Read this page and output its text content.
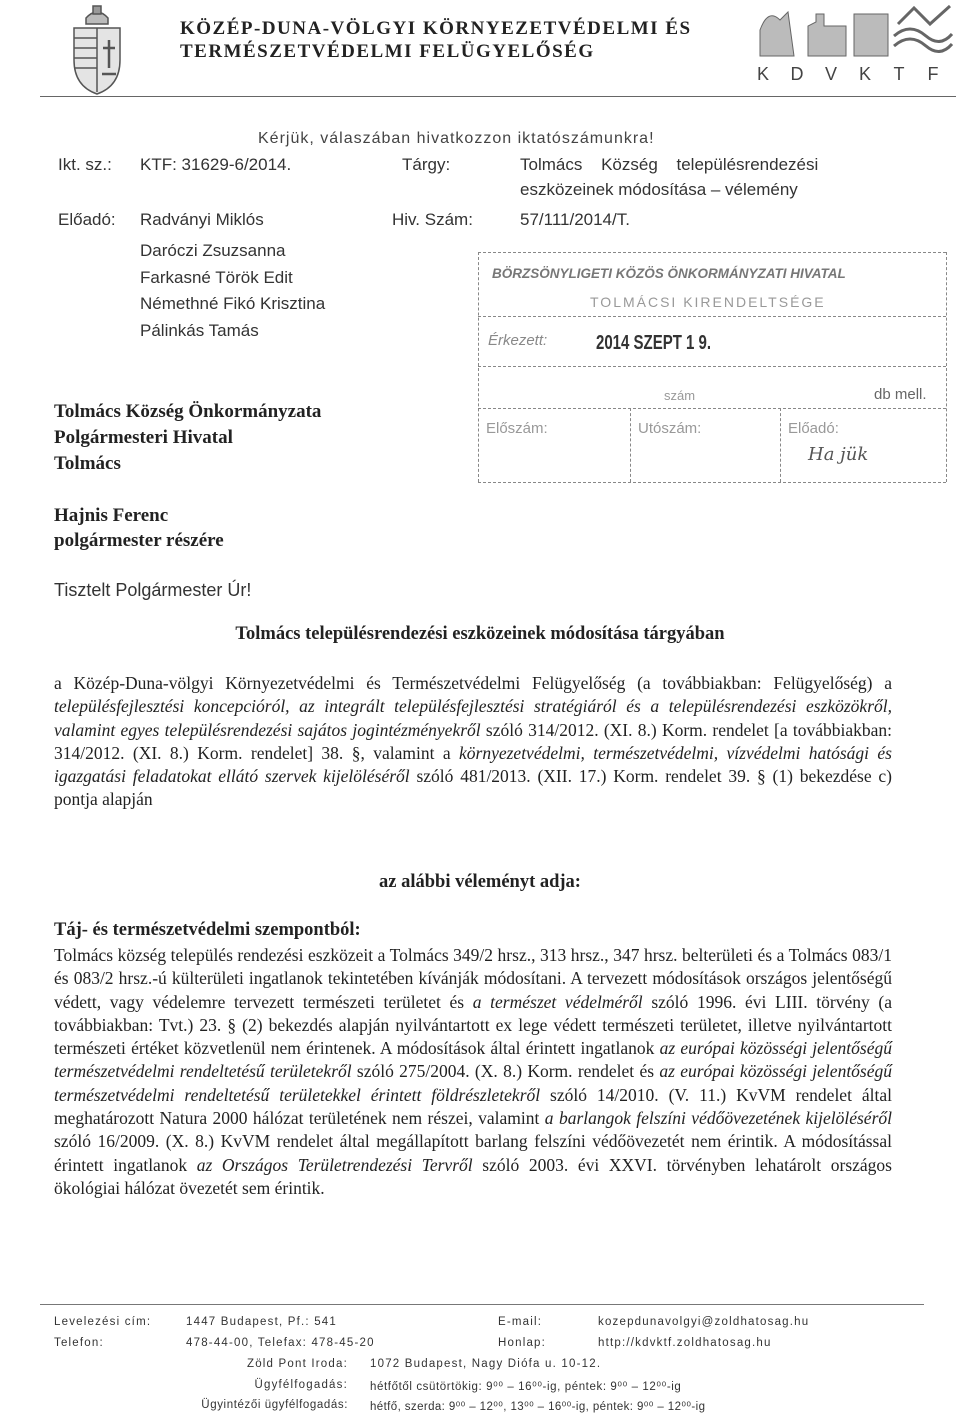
KÖZÉP-DUNA-VÖLGYI KÖRNYEZETVÉDELMI ÉS
TERMÉSZETVÉDELMI FELÜGYELŐSÉG
K D V K T F
Kérjük, válaszában hivatkozzon iktatószámunkra!
Ikt. sz.: KTF: 31629-6/2014.	Tárgy:	Tolmács Község településrendezési
eszközeinek módosítása – vélemény
Előadó: Radványi Miklós
Daróczi Zsuzsanna
Farkasné Török Edit
Némethné Fikó Krisztina
Pálinkás Tamás
Hiv. Szám:	57/111/2014/T.
BÖRZSÖNYLIGETI KÖZÖS ÖNKORMÁNYZATI HIVATAL
TOLMÁCSI KIRENDELTSÉGE
Érkezett: 2014 SZEPT 1 9.
szám	db mell.
Előszám:	Utószám:	Előadó:
Ha jük
Tolmács Község Önkormányzata
Polgármesteri Hivatal
Tolmács
Hajnis Ferenc
polgármester részére
Tisztelt Polgármester Úr!
Tolmács településrendezési eszközeinek módosítása tárgyában

a Közép-Duna-völgyi Környezetvédelmi és Természetvédelmi Felügyelőség (a továbbiakban: Felügyelőség) a településfejlesztési koncepcióról, az integrált településfejlesztési stratégiáról és a településrendezési eszközökről, valamint egyes településrendezési sajátos jogintézményekről szóló 314/2012. (XI. 8.) Korm. rendelet [a továbbiakban: 314/2012. (XI. 8.) Korm. rendelet] 38. §, valamint a környezetvédelmi, természetvédelmi, vízvédelmi hatósági és igazgatási feladatokat ellátó szervek kijelöléséről szóló 481/2013. (XII. 17.) Korm. rendelet 39. § (1) bekezdése c) pontja alapján

az alábbi véleményt adja:
Táj- és természetvédelmi szempontból:

Tolmács község település rendezési eszközeit a Tolmács 349/2 hrsz., 313 hrsz., 347 hrsz. belterületi és a Tolmács 083/1 és 083/2 hrsz.-ú külterületi ingatlanok tekintetében kívánják módosítani. A tervezett módosítások országos jelentőségű védett, vagy védelemre tervezett természeti területet és a természet védelméről szóló 1996. évi LIII. törvény (a továbbiakban: Tvt.) 23. § (2) bekezdés alapján nyilvántartott ex lege védett természeti területet, illetve nyilvántartott természeti értéket közvetlenül nem érintenek. A módosítások által érintett ingatlanok az európai közösségi jelentőségű természetvédelmi rendeltetésű területekről szóló 275/2004. (X. 8.) Korm. rendelet és az európai közösségi jelentőségű természetvédelmi rendeltetésű területekkel érintett földrészletekről szóló 14/2010. (V. 11.) KvVM rendelet által meghatározott Natura 2000 hálózat területének nem részei, valamint a barlangok felszíni védőövezetének kijelöléséről szóló 16/2009. (X. 8.) KvVM rendelet által megállapított barlang felszíni védőövezetét nem érintik. A módosítással érintett ingatlanok az Országos Területrendezési Tervről szóló 2003. évi XXVI. törvényben lehatárolt országos ökológiai hálózat övezetét sem érintik.

Levelezési cím:	1447 Budapest, Pf.: 541	E-mail:	kozepdunavolgyi@zoldhatosag.hu
Telefon:	478-44-00, Telefax: 478-45-20	Honlap:	http://kdvktf.zoldhatosag.hu
Zöld Pont Iroda: 1072 Budapest, Nagy Diófa u. 10-12.
Ügyfélfogadás: hétfőtől csütörtökig: 9⁰⁰ – 16⁰⁰-ig, péntek: 9⁰⁰ – 12⁰⁰-ig
Ügyintézői ügyfélfogadás: hétfő, szerda: 9⁰⁰ – 12⁰⁰, 13⁰⁰ – 16⁰⁰-ig, péntek: 9⁰⁰ – 12⁰⁰-ig
